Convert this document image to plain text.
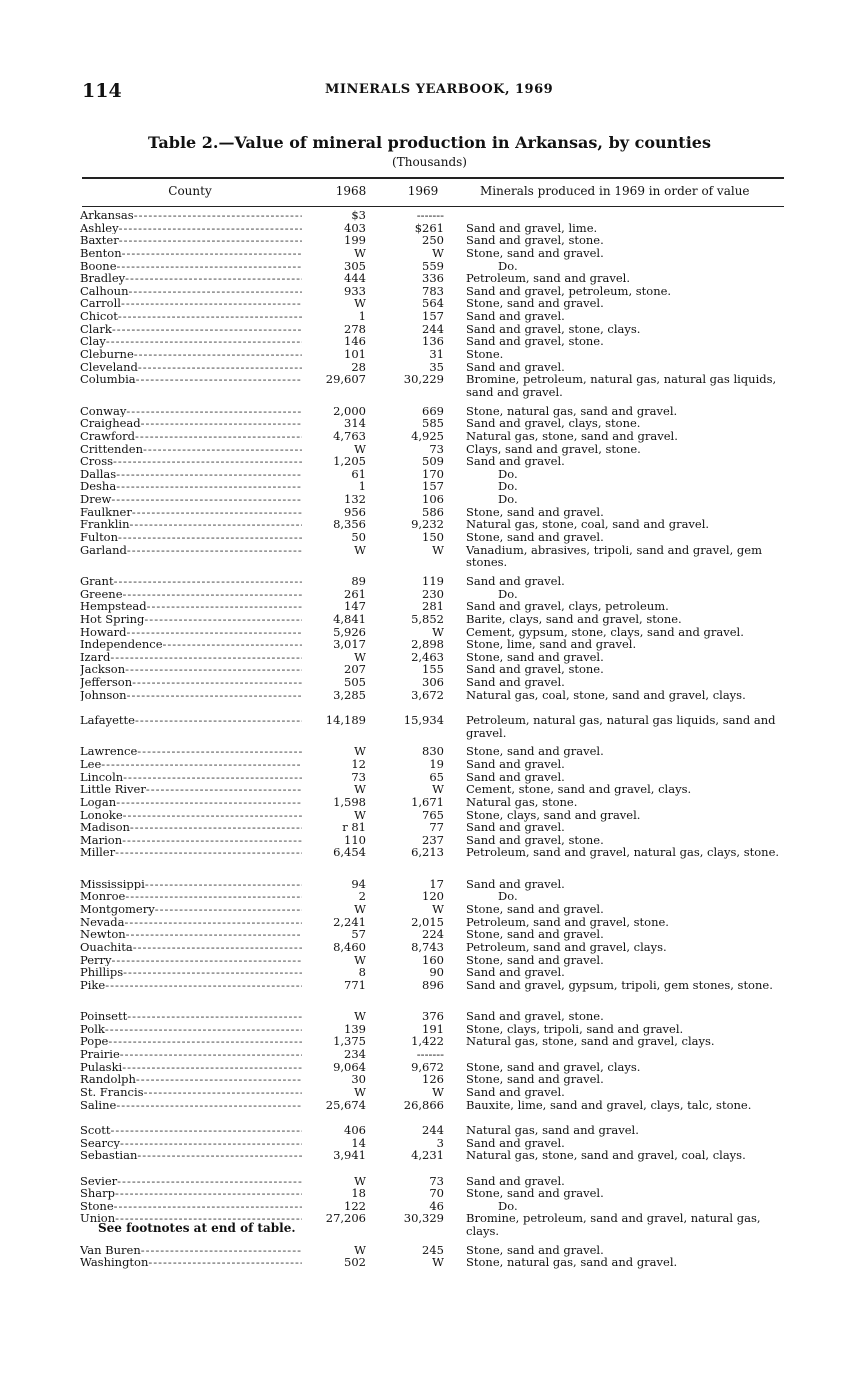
114	MINERALS YEARBOOK, 1969
Table 2.—Value of mineral production in Arkansas, by counties
(Thousands)
County	1968	1969	Minerals produced in 1969 in order of value
Arkansas -----	$3	-------
Ashley -----	403	$261 Sand and gravel, lime.
Baxter -----	199	250 Sand and gravel, stone.
Benton -----	W	W Stone, sand and gravel.
Boone -----	305	559	Do.
Bradley -----	444	336 Petroleum, sand and gravel.
Calhoun -----	933	783 Sand and gravel, petroleum, stone.
Carroll -----	W	564 Stone, sand and gravel.
Chicot -----	1	157 Sand and gravel.
Clark -----	278	244 Sand and gravel, stone, clays.
Clay -----	146	136 Sand and gravel, stone.
Cleburne -----	101	31 Stone.
Cleveland -----	28	35 Sand and gravel.
Columbia -----	29,607	30,229 Bromine, petroleum, natural gas, natural gas liquids, sand and gravel.
Conway -----	2,000	669 Stone, natural gas, sand and gravel.
Craighead -----	314	585 Sand and gravel, clays, stone.
Crawford -----	4,763	4,925 Natural gas, stone, sand and gravel.
Crittenden -----	W	73 Clays, sand and gravel, stone.
Cross -----	1,205	509 Sand and gravel.
Dallas -----	61	170	Do.
Desha -----	1	157	Do.
Drew -----	132	106	Do.
Faulkner -----	956	586 Stone, sand and gravel.
Franklin -----	8,356	9,232 Natural gas, stone, coal, sand and gravel.
Fulton -----	50	150 Stone, sand and gravel.
Garland -----	W	W Vanadium, abrasives, tripoli, sand and gravel, gem stones.
Grant -----	89	119 Sand and gravel.
Greene -----	261	230	Do.
Hempstead -----	147	281 Sand and gravel, clays, petroleum.
Hot Spring -----	4,841	5,852 Barite, clays, sand and gravel, stone.
Howard -----	5,926	W Cement, gypsum, stone, clays, sand and gravel.
Independence -----	3,017	2,898 Stone, lime, sand and gravel.
Izard -----	W	2,463 Stone, sand and gravel.
Jackson -----	207	155 Sand and gravel, stone.
Jefferson -----	505	306 Sand and gravel.
Johnson -----	3,285	3,672 Natural gas, coal, stone, sand and gravel, clays.
Lafayette -----	14,189	15,934 Petroleum, natural gas, natural gas liquids, sand and gravel.
Lawrence -----	W	830 Stone, sand and gravel.
Lee -----	12	19 Sand and gravel.
Lincoln -----	73	65 Sand and gravel.
Little River -----	W	W Cement, stone, sand and gravel, clays.
Logan -----	1,598	1,671 Natural gas, stone.
Lonoke -----	W	765 Stone, clays, sand and gravel.
Madison -----	r 81	77 Sand and gravel.
Marion -----	110	237 Sand and gravel, stone.
Miller -----	6,454	6,213 Petroleum, sand and gravel, natural gas, clays, stone.
Mississippi -----	94	17 Sand and gravel.
Monroe -----	2	120	Do.
Montgomery -----	W	W Stone, sand and gravel.
Nevada -----	2,241	2,015 Petroleum, sand and gravel, stone.
Newton -----	57	224 Stone, sand and gravel.
Ouachita -----	8,460	8,743 Petroleum, sand and gravel, clays.
Perry -----	W	160 Stone, sand and gravel.
Phillips -----	8	90 Sand and gravel.
Pike -----	771	896 Sand and gravel, gypsum, tripoli, gem stones, stone.
Poinsett -----	W	376 Sand and gravel, stone.
Polk -----	139	191 Stone, clays, tripoli, sand and gravel.
Pope -----	1,375	1,422 Natural gas, stone, sand and gravel, clays.
Prairie -----	234	-------
Pulaski -----	9,064	9,672 Stone, sand and gravel, clays.
Randolph -----	30	126 Stone, sand and gravel.
St. Francis -----	W	W Sand and gravel.
Saline -----	25,674	26,866 Bauxite, lime, sand and gravel, clays, talc, stone.
Scott -----	406	244 Natural gas, sand and gravel.
Searcy -----	14	3 Sand and gravel.
Sebastian -----	3,941	4,231 Natural gas, stone, sand and gravel, coal, clays.
Sevier -----	W	73 Sand and gravel.
Sharp -----	18	70 Stone, sand and gravel.
Stone -----	122	46	Do.
Union -----	27,206	30,329 Bromine, petroleum, sand and gravel, natural gas, clays.
Van Buren -----	W	245 Stone, sand and gravel.
Washington -----	502	W Stone, natural gas, sand and gravel.
See footnotes at end of table.
